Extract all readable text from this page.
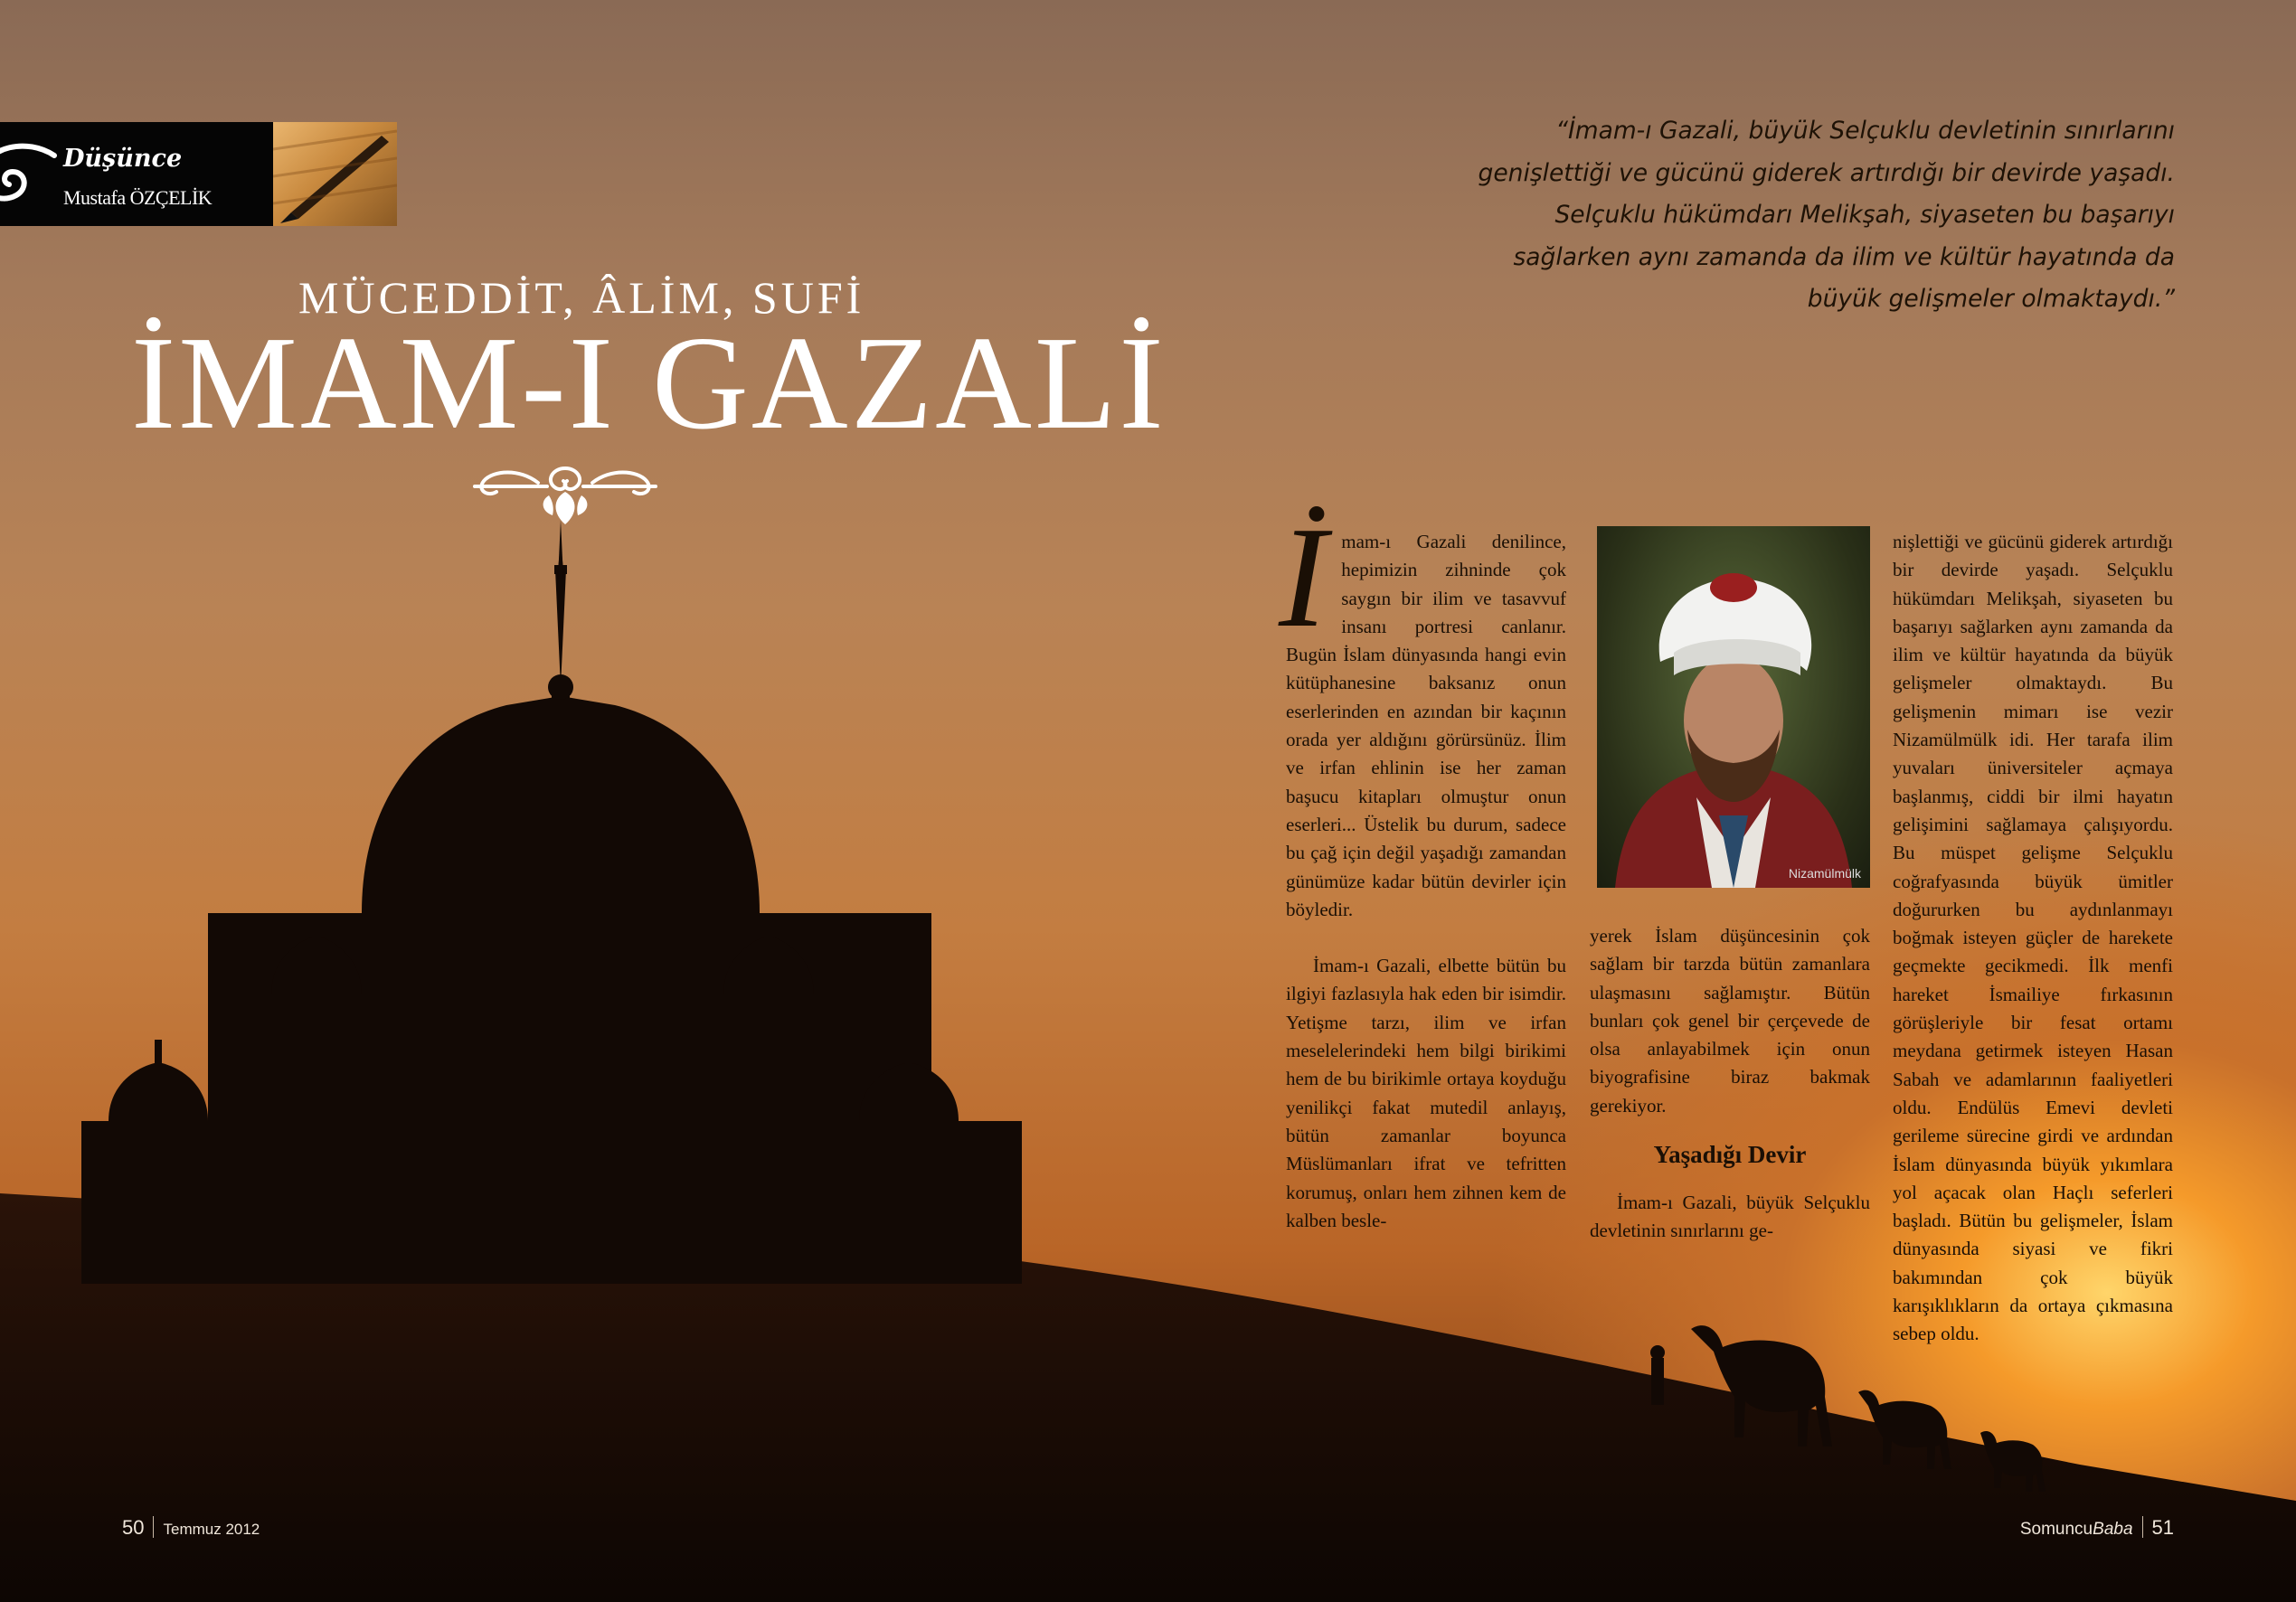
Düşünce
Mustafa ÖZÇELİK
MÜCEDDİT, ÂLİM, SUFİ
İMAM-I GAZALİ
“İmam-ı Gazali, büyük Selçuklu devletinin sınırlarını genişlettiği ve gücünü giderek artırdığı bir devirde yaşadı. Selçuklu hükümdarı Melikşah, siyaseten bu başarıyı sağlarken aynı zamanda da ilim ve kültür hayatında da büyük gelişmeler olmaktaydı.”

İmam-ı Gazali denilince, hepimizin zihninde çok saygın bir ilim ve tasavvuf insanı portresi canlanır. Bugün İslam dünyasında hangi evin kütüphanesine baksanız onun eserlerinden en azından bir kaçının orada yer aldığını görürsünüz. İlim ve irfan ehlinin ise her zaman başucu kitapları olmuştur onun eserleri... Üstelik bu durum, sadece bu çağ için değil yaşadığı zamandan günümüze kadar bütün devirler için böyledir.

İmam-ı Gazali, elbette bütün bu ilgiyi fazlasıyla hak eden bir isimdir. Yetişme tarzı, ilim ve irfan meselelerindeki hem bilgi birikimi hem de bu birikimle ortaya koyduğu yenilikçi fakat mutedil anlayış, bütün zamanlar boyunca Müslümanları ifrat ve tefritten korumuş, onları hem zihnen kem de kalben besle-

Nizamülmülk

yerek İslam düşüncesinin çok sağlam bir tarzda bütün zamanlara ulaşmasını sağlamıştır. Bütün bunları çok genel bir çerçevede de olsa anlayabilmek için onun biyografisine biraz bakmak gerekiyor.

Yaşadığı Devir

İmam-ı Gazali, büyük Selçuklu devletinin sınırlarını ge-

nişlettiği ve gücünü giderek artırdığı bir devirde yaşadı. Selçuklu hükümdarı Melikşah, siyaseten bu başarıyı sağlarken aynı zamanda da ilim ve kültür hayatında da büyük gelişmeler olmaktaydı. Bu gelişmenin mimarı ise vezir Nizamülmülk idi. Her tarafa ilim yuvaları üniversiteler açmaya başlanmış, ciddi bir ilmi hayatın gelişimini sağlamaya çalışıyordu. Bu müspet gelişme Selçuklu coğrafyasında büyük ümitler doğururken bu aydınlanmayı boğmak isteyen güçler de harekete geçmekte gecikmedi. İlk menfi hareket İsmailiye fırkasının görüşleriyle bir fesat ortamı meydana getirmek isteyen Hasan Sabah ve adamlarının faaliyetleri oldu. Endülüs Emevi devleti gerileme sürecine girdi ve ardından İslam dünyasında büyük yıkımlara yol açacak olan Haçlı seferleri başladı. Bütün bu gelişmeler, İslam dünyasında siyasi ve fikri bakımından çok büyük karışıklıkların da ortaya çıkmasına sebep oldu.

50 Temmuz 2012	SomuncuBaba 51
